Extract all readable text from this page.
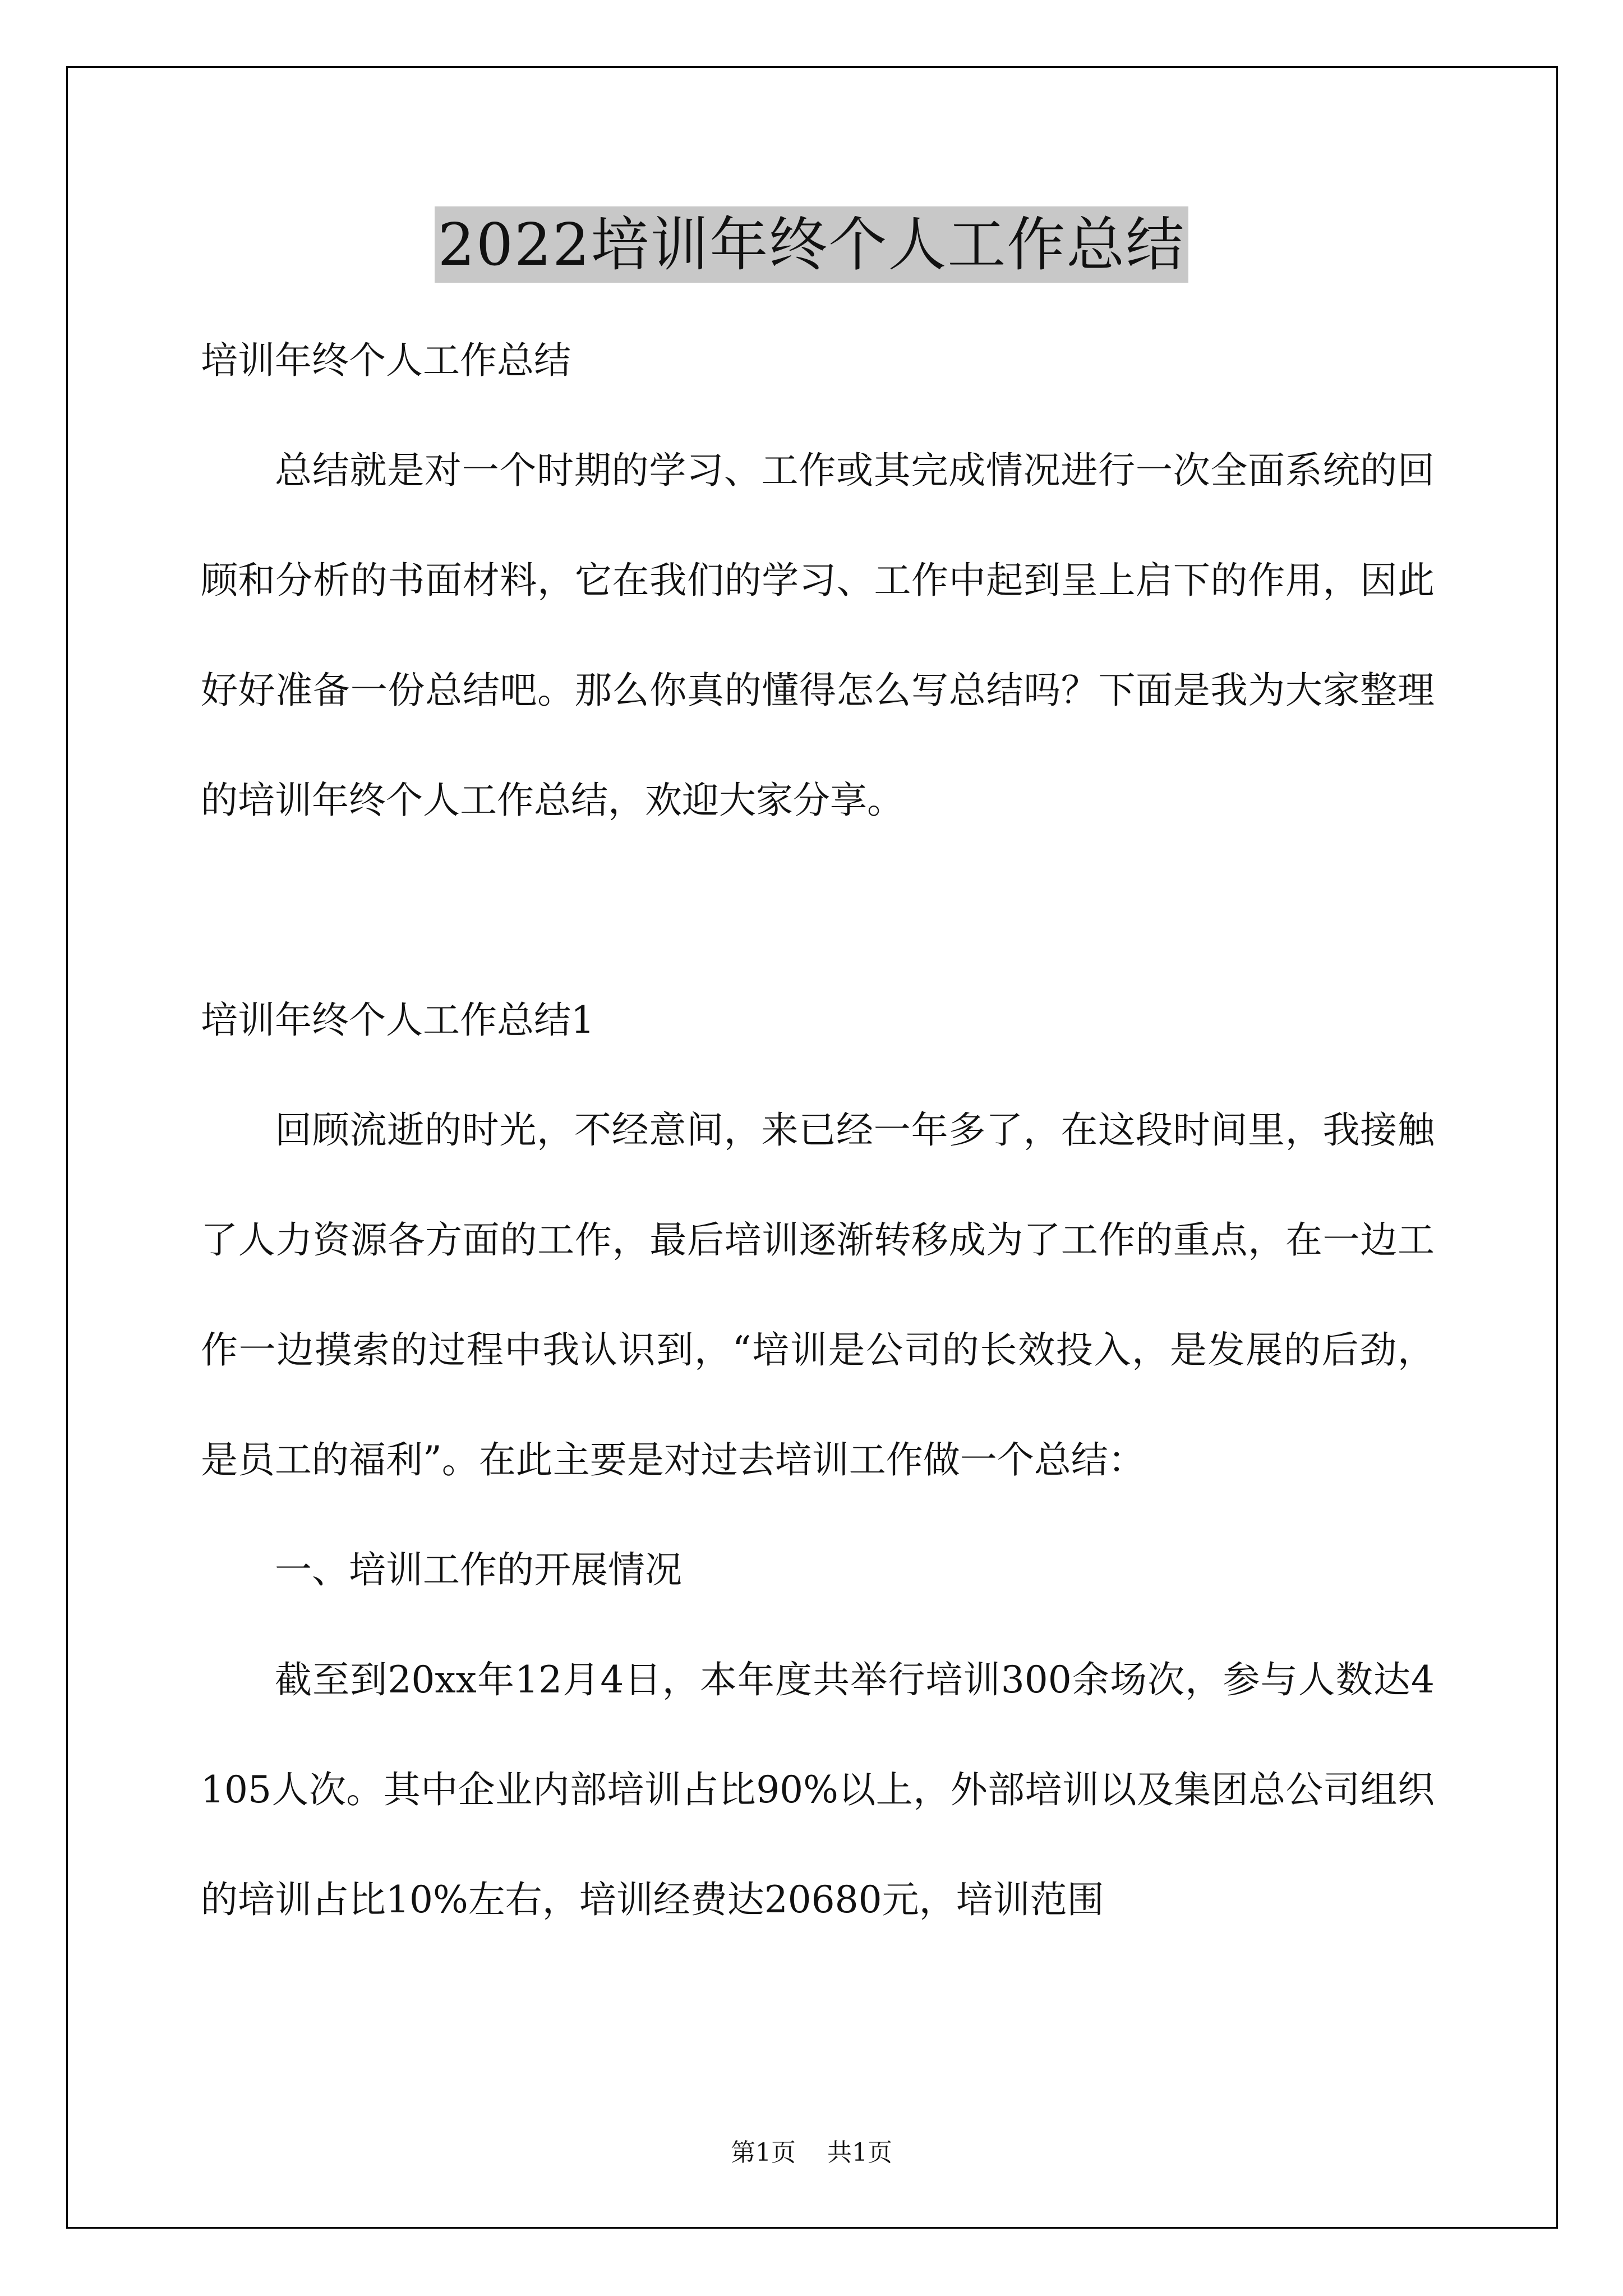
2022培训年终个人工作总结

培训年终个人工作总结

总结就是对一个时期的学习、工作或其完成情况进行一次全面系统的回顾和分析的书面材料，它在我们的学习、工作中起到呈上启下的作用，因此好好准备一份总结吧。那么你真的懂得怎么写总结吗？下面是我为大家整理的培训年终个人工作总结，欢迎大家分享。

培训年终个人工作总结1

回顾流逝的时光，不经意间，来已经一年多了，在这段时间里，我接触了人力资源各方面的工作，最后培训逐渐转移成为了工作的重点，在一边工作一边摸索的过程中我认识到，“培训是公司的长效投入，是发展的后劲，是员工的福利”。在此主要是对过去培训工作做一个总结：

一、培训工作的开展情况

截至到20xx年12月4日，本年度共举行培训300余场次，参与人数达4105人次。其中企业内部培训占比90%以上，外部培训以及集团总公司组织的培训占比10%左右，培训经费达20680元，培训范围

第1页    共1页
